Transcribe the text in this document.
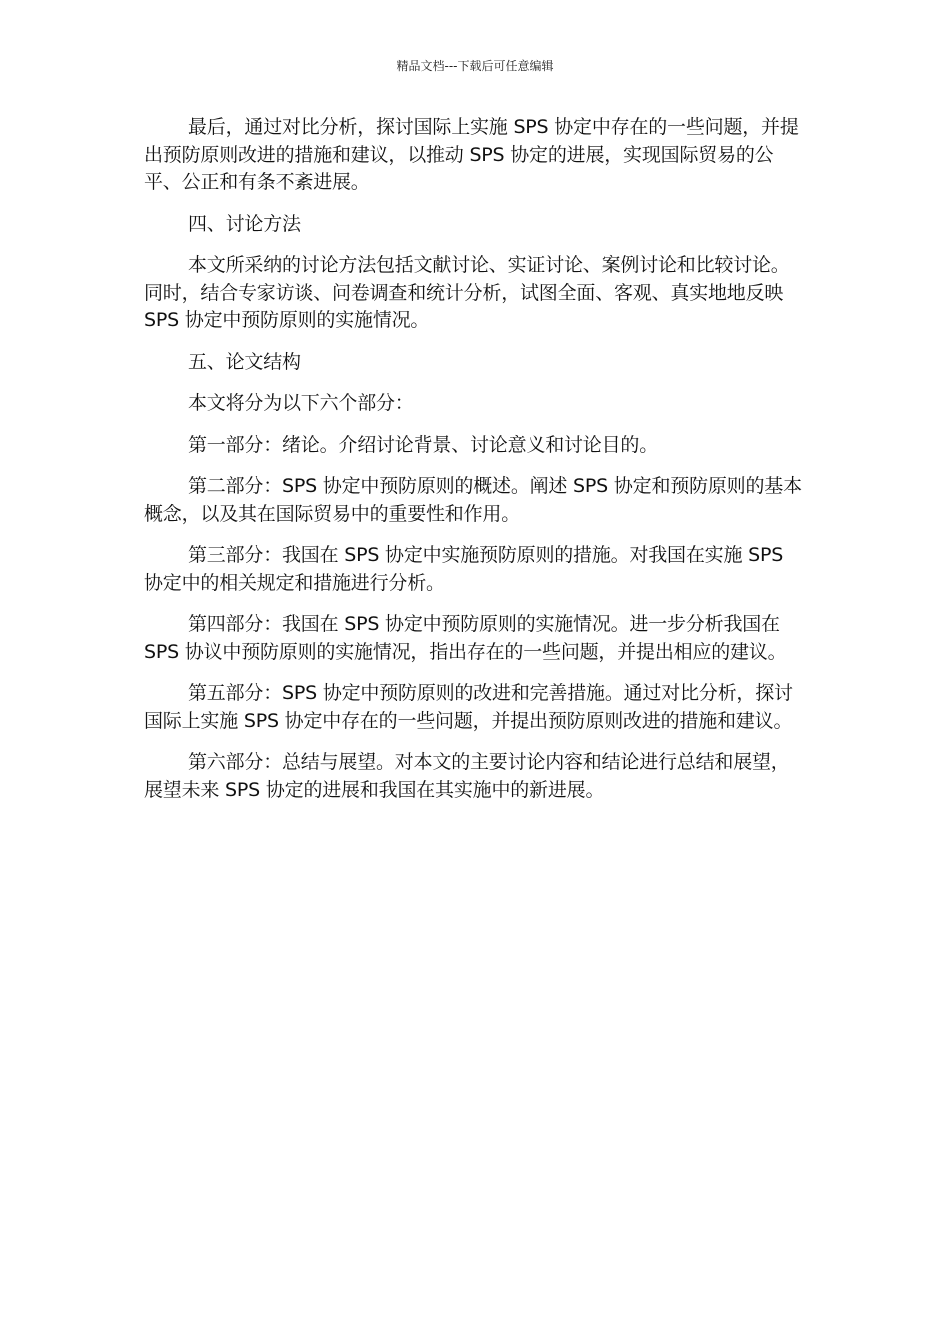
精品文档---下载后可任意编辑

最后，通过对比分析，探讨国际上实施 SPS 协定中存在的一些问题，并提出预防原则改进的措施和建议，以推动 SPS 协定的进展，实现国际贸易的公平、公正和有条不紊进展。

四、讨论方法

本文所采纳的讨论方法包括文献讨论、实证讨论、案例讨论和比较讨论。同时，结合专家访谈、问卷调查和统计分析，试图全面、客观、真实地地反映 SPS 协定中预防原则的实施情况。

五、论文结构

本文将分为以下六个部分：

第一部分：绪论。介绍讨论背景、讨论意义和讨论目的。

第二部分：SPS 协定中预防原则的概述。阐述 SPS 协定和预防原则的基本概念，以及其在国际贸易中的重要性和作用。

第三部分：我国在 SPS 协定中实施预防原则的措施。对我国在实施 SPS 协定中的相关规定和措施进行分析。

第四部分：我国在 SPS 协定中预防原则的实施情况。进一步分析我国在 SPS 协议中预防原则的实施情况，指出存在的一些问题，并提出相应的建议。

第五部分：SPS 协定中预防原则的改进和完善措施。通过对比分析，探讨国际上实施 SPS 协定中存在的一些问题，并提出预防原则改进的措施和建议。

第六部分：总结与展望。对本文的主要讨论内容和结论进行总结和展望，展望未来 SPS 协定的进展和我国在其实施中的新进展。
